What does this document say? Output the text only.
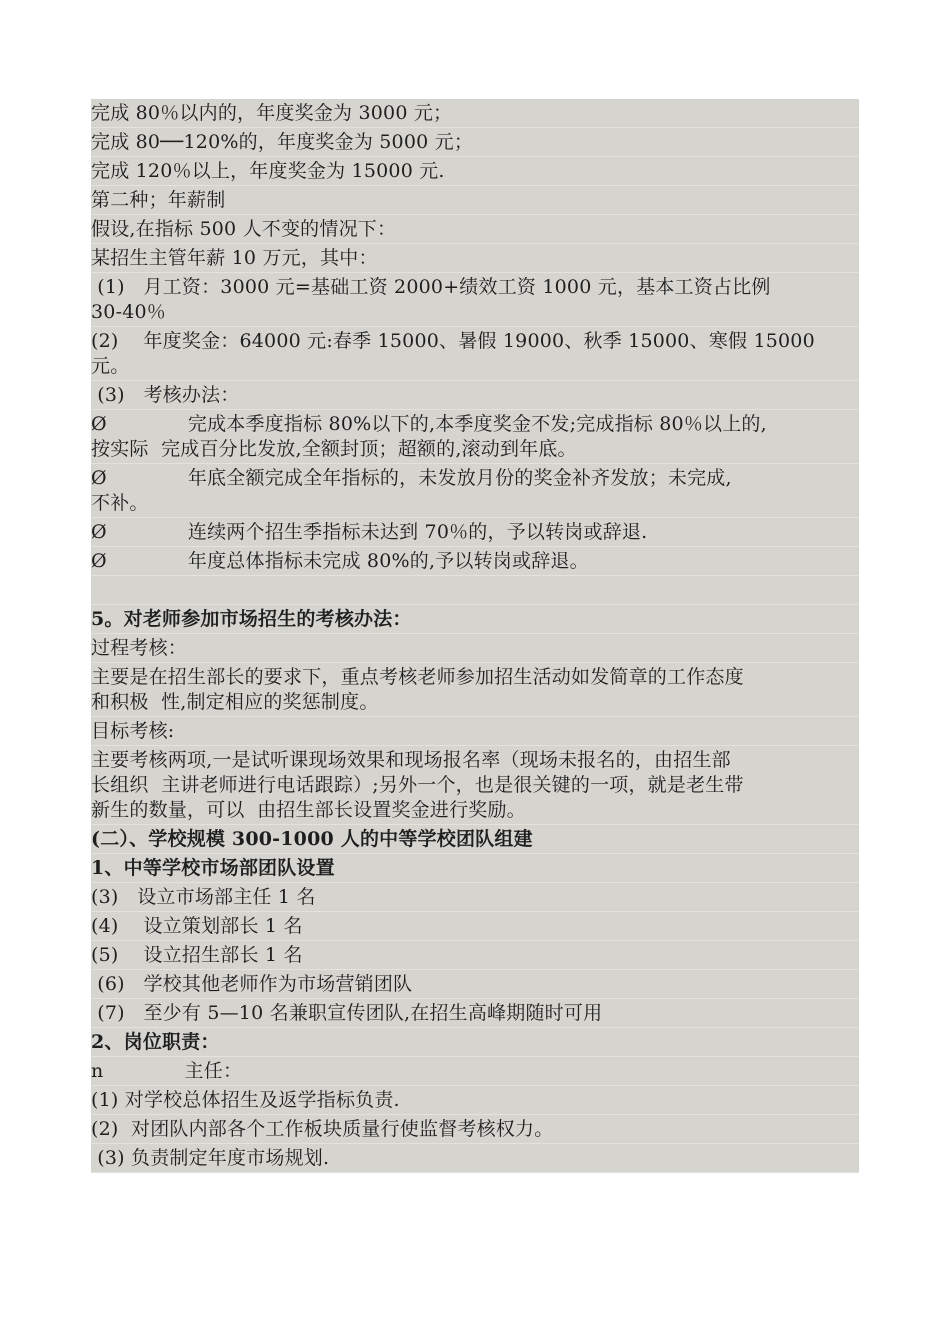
完成 80％以内的，年度奖金为 3000 元；
完成 80──120%的，年度奖金为 5000 元；
完成 120％以上，年度奖金为 15000 元.
第二种；年薪制
假设,在指标 500 人不变的情况下：
某招生主管年薪 10 万元，其中：
(1)   月工资：3000 元=基础工资 2000+绩效工资 1000 元，基本工资占比例
30-40％
(2)    年度奖金：64000 元:春季 15000、暑假 19000、秋季 15000、寒假 15000
元。
(3)   考核办法：
Ø             完成本季度指标 80%以下的,本季度奖金不发;完成指标 80％以上的,
按实际  完成百分比发放,全额封顶；超额的,滚动到年底。
Ø             年底全额完成全年指标的，未发放月份的奖金补齐发放；未完成,
不补。
Ø             连续两个招生季指标未达到 70％的，予以转岗或辞退.
Ø             年度总体指标未完成 80%的,予以转岗或辞退。
5。对老师参加市场招生的考核办法：
过程考核：
主要是在招生部长的要求下，重点考核老师参加招生活动如发简章的工作态度
和积极  性,制定相应的奖惩制度。
目标考核:
主要考核两项,一是试听课现场效果和现场报名率（现场未报名的，由招生部
长组织  主讲老师进行电话跟踪）;另外一个，也是很关键的一项，就是老生带
新生的数量，可以  由招生部长设置奖金进行奖励。
(二）、学校规模 300-1000 人的中等学校团队组建
1、中等学校市场部团队设置
(3)   设立市场部主任 1 名
(4)    设立策划部长 1 名
(5)    设立招生部长 1 名
(6)   学校其他老师作为市场营销团队
(7)   至少有 5—10 名兼职宣传团队,在招生高峰期随时可用
2、岗位职责：
n             主任：
(1) 对学校总体招生及返学指标负责.
(2)  对团队内部各个工作板块质量行使监督考核权力。
(3) 负责制定年度市场规划.
